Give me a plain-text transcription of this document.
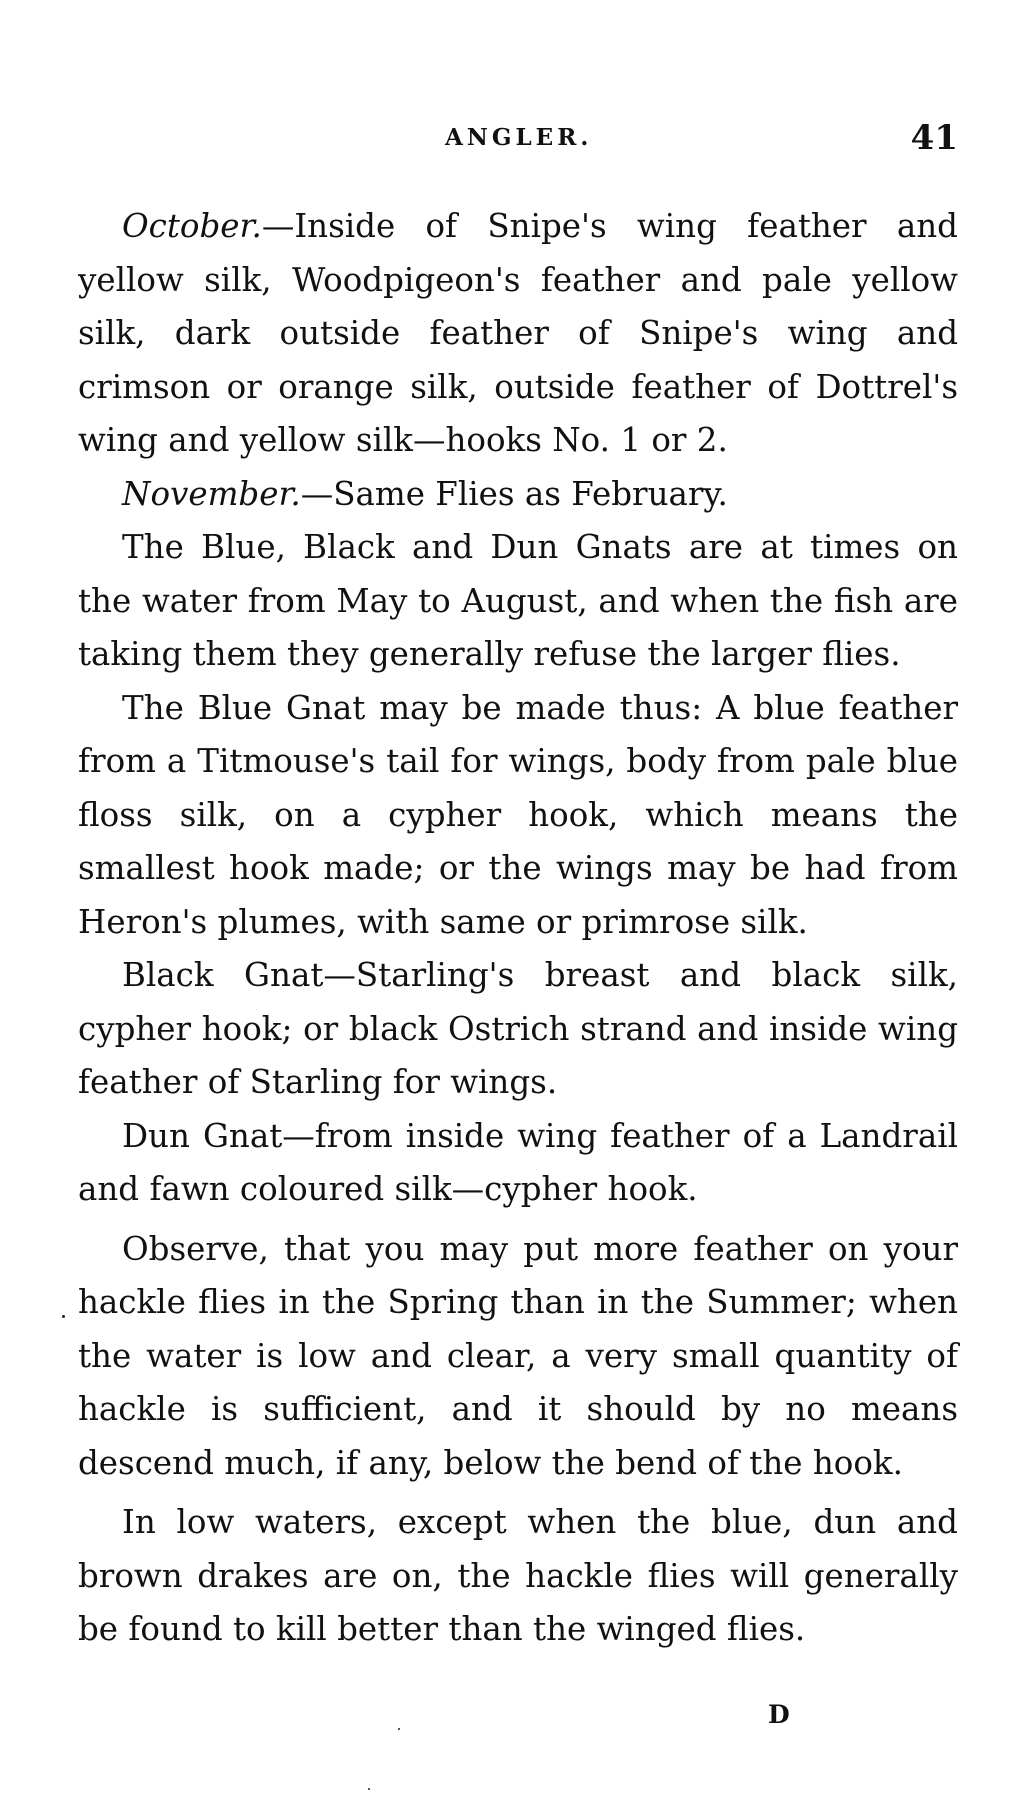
ANGLER.	41

October.—Inside of Snipe's wing feather and yellow silk, Woodpigeon's feather and pale yellow silk, dark outside feather of Snipe's wing and crimson or orange silk, outside feather of Dottrel's wing and yellow silk—hooks No. 1 or 2.

November.—Same Flies as February.

The Blue, Black and Dun Gnats are at times on the water from May to August, and when the fish are taking them they generally refuse the larger flies.

The Blue Gnat may be made thus: A blue feather from a Titmouse's tail for wings, body from pale blue floss silk, on a cypher hook, which means the smallest hook made; or the wings may be had from Heron's plumes, with same or primrose silk.

Black Gnat—Starling's breast and black silk, cypher hook; or black Ostrich strand and inside wing feather of Starling for wings.

Dun Gnat—from inside wing feather of a Landrail and fawn coloured silk—cypher hook.

Observe, that you may put more feather on your hackle flies in the Spring than in the Summer; when the water is low and clear, a very small quantity of hackle is sufficient, and it should by no means descend much, if any, below the bend of the hook.

In low waters, except when the blue, dun and brown drakes are on, the hackle flies will generally be found to kill better than the winged flies.

D
